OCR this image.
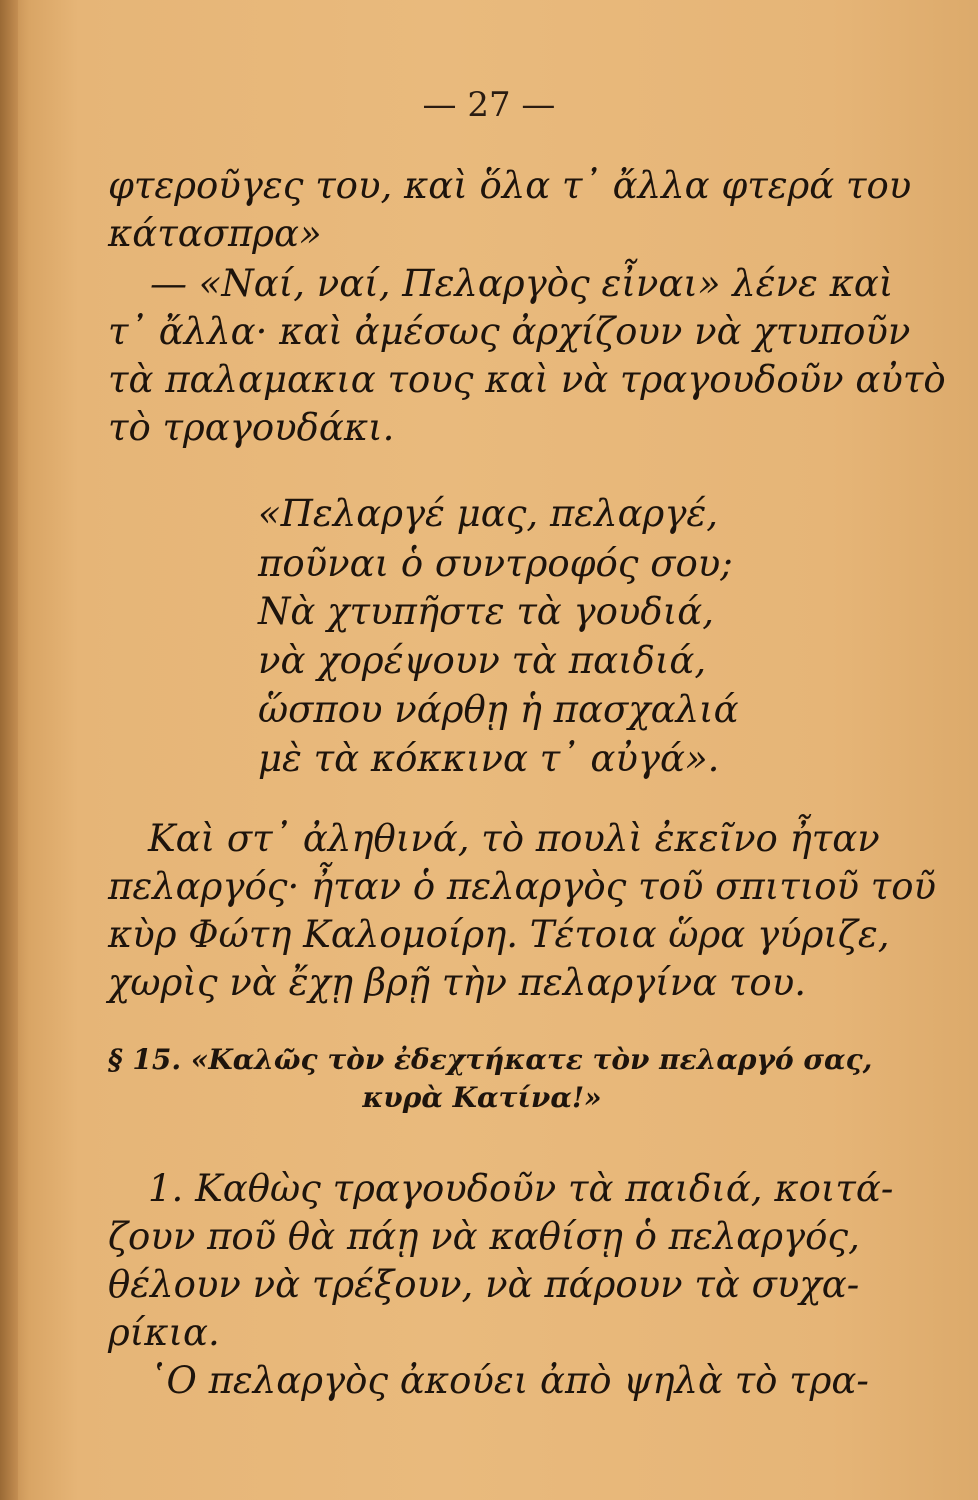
— 27 —
φτεροῦγες του, καὶ ὅλα τ᾿ ἄλλα φτερά του
κάτασπρα»
— «Ναί, ναί, Πελαργὸς εἶναι» λένε καὶ
τ᾿ ἄλλα· καὶ ἀμέσως ἀρχίζουν νὰ χτυποῦν
τὰ παλαμακια τους καὶ νὰ τραγουδοῦν αὐτὸ
τὸ τραγουδάκι.
«Πελαργέ μας, πελαργέ,
ποῦναι ὁ συντροφός σου;
Νὰ χτυπῆστε τὰ γουδιά,
νὰ χορέψουν τὰ παιδιά,
ὥσπου νάρθῃ ἡ πασχαλιά
μὲ τὰ κόκκινα τ᾿ αὐγά».
Καὶ στ᾿ ἀληθινά, τὸ πουλὶ ἐκεῖνο ἦταν
πελαργός· ἦταν ὁ πελαργὸς τοῦ σπιτιοῦ τοῦ
κὺρ Φώτη Καλομοίρη. Τέτοια ὥρα γύριζε,
χωρὶς νὰ ἔχῃ βρῇ τὴν πελαργίνα του.
§ 15. «Καλῶς τὸν ἐδεχτήκατε τὸν πελαργό σας,
κυρὰ Κατίνα!»
1. Καθὼς τραγουδοῦν τὰ παιδιά, κοιτά-
ζουν ποῦ θὰ πάῃ νὰ καθίσῃ ὁ πελαργός,
θέλουν νὰ τρέξουν, νὰ πάρουν τὰ συχα-
ρίκια.
῾Ο πελαργὸς ἀκούει ἀπὸ ψηλὰ τὸ τρα-
